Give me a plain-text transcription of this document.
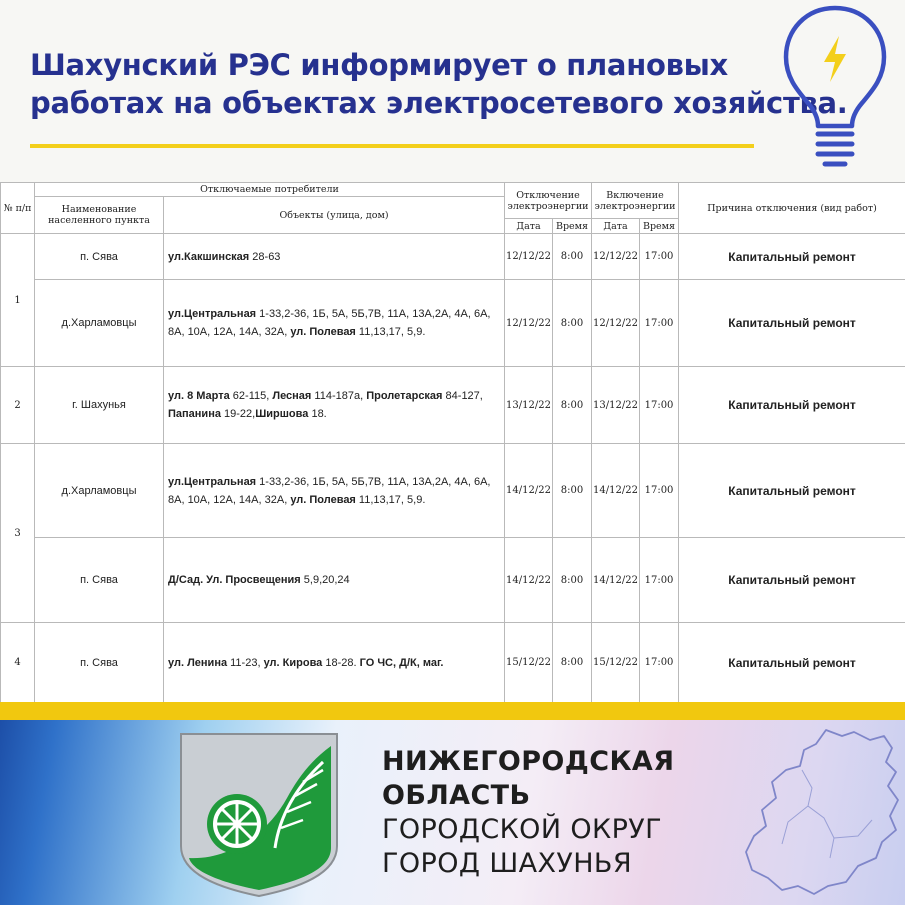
Шахунский РЭС информирует о плановых
работах на объектах электросетевого хозяйства.
№ п/п	Отключаемые потребители		Отключение электроэнергии		Включение электроэнергии		Причина отключения (вид работ)
	Наименование населенного пункта	Объекты (улица, дом)					
			Дата	Время	Дата	Время	
1	п. Сява	ул.Какшинская 28-63	12/12/22	8:00	12/12/22	17:00	Капитальный ремонт
	д.Харламовцы	ул.Центральная 1-33,2-36, 1Б, 5А, 5Б,7В, 11А, 13А,2А, 4А, 6А, 8А, 10А, 12А, 14А, 32А, ул. Полевая 11,13,17, 5,9.	12/12/22	8:00	12/12/22	17:00	Капитальный ремонт
2	г. Шахунья	ул. 8 Марта 62-115, Лесная 114-187а, Пролетарская 84-127, Папанина 19-22,Ширшова 18.	13/12/22	8:00	13/12/22	17:00	Капитальный ремонт
3	д.Харламовцы	ул.Центральная 1-33,2-36, 1Б, 5А, 5Б,7В, 11А, 13А,2А, 4А, 6А, 8А, 10А, 12А, 14А, 32А, ул. Полевая 11,13,17, 5,9.	14/12/22	8:00	14/12/22	17:00	Капитальный ремонт
	п. Сява	Д/Сад. Ул. Просвещения 5,9,20,24	14/12/22	8:00	14/12/22	17:00	Капитальный ремонт
4	п. Сява	ул. Ленина 11-23, ул. Кирова 18-28. ГО ЧС, Д/К, маг.	15/12/22	8:00	15/12/22	17:00	Капитальный ремонт
НИЖЕГОРОДСКАЯ
ОБЛАСТЬ
ГОРОДСКОЙ ОКРУГ
ГОРОД ШАХУНЬЯ
